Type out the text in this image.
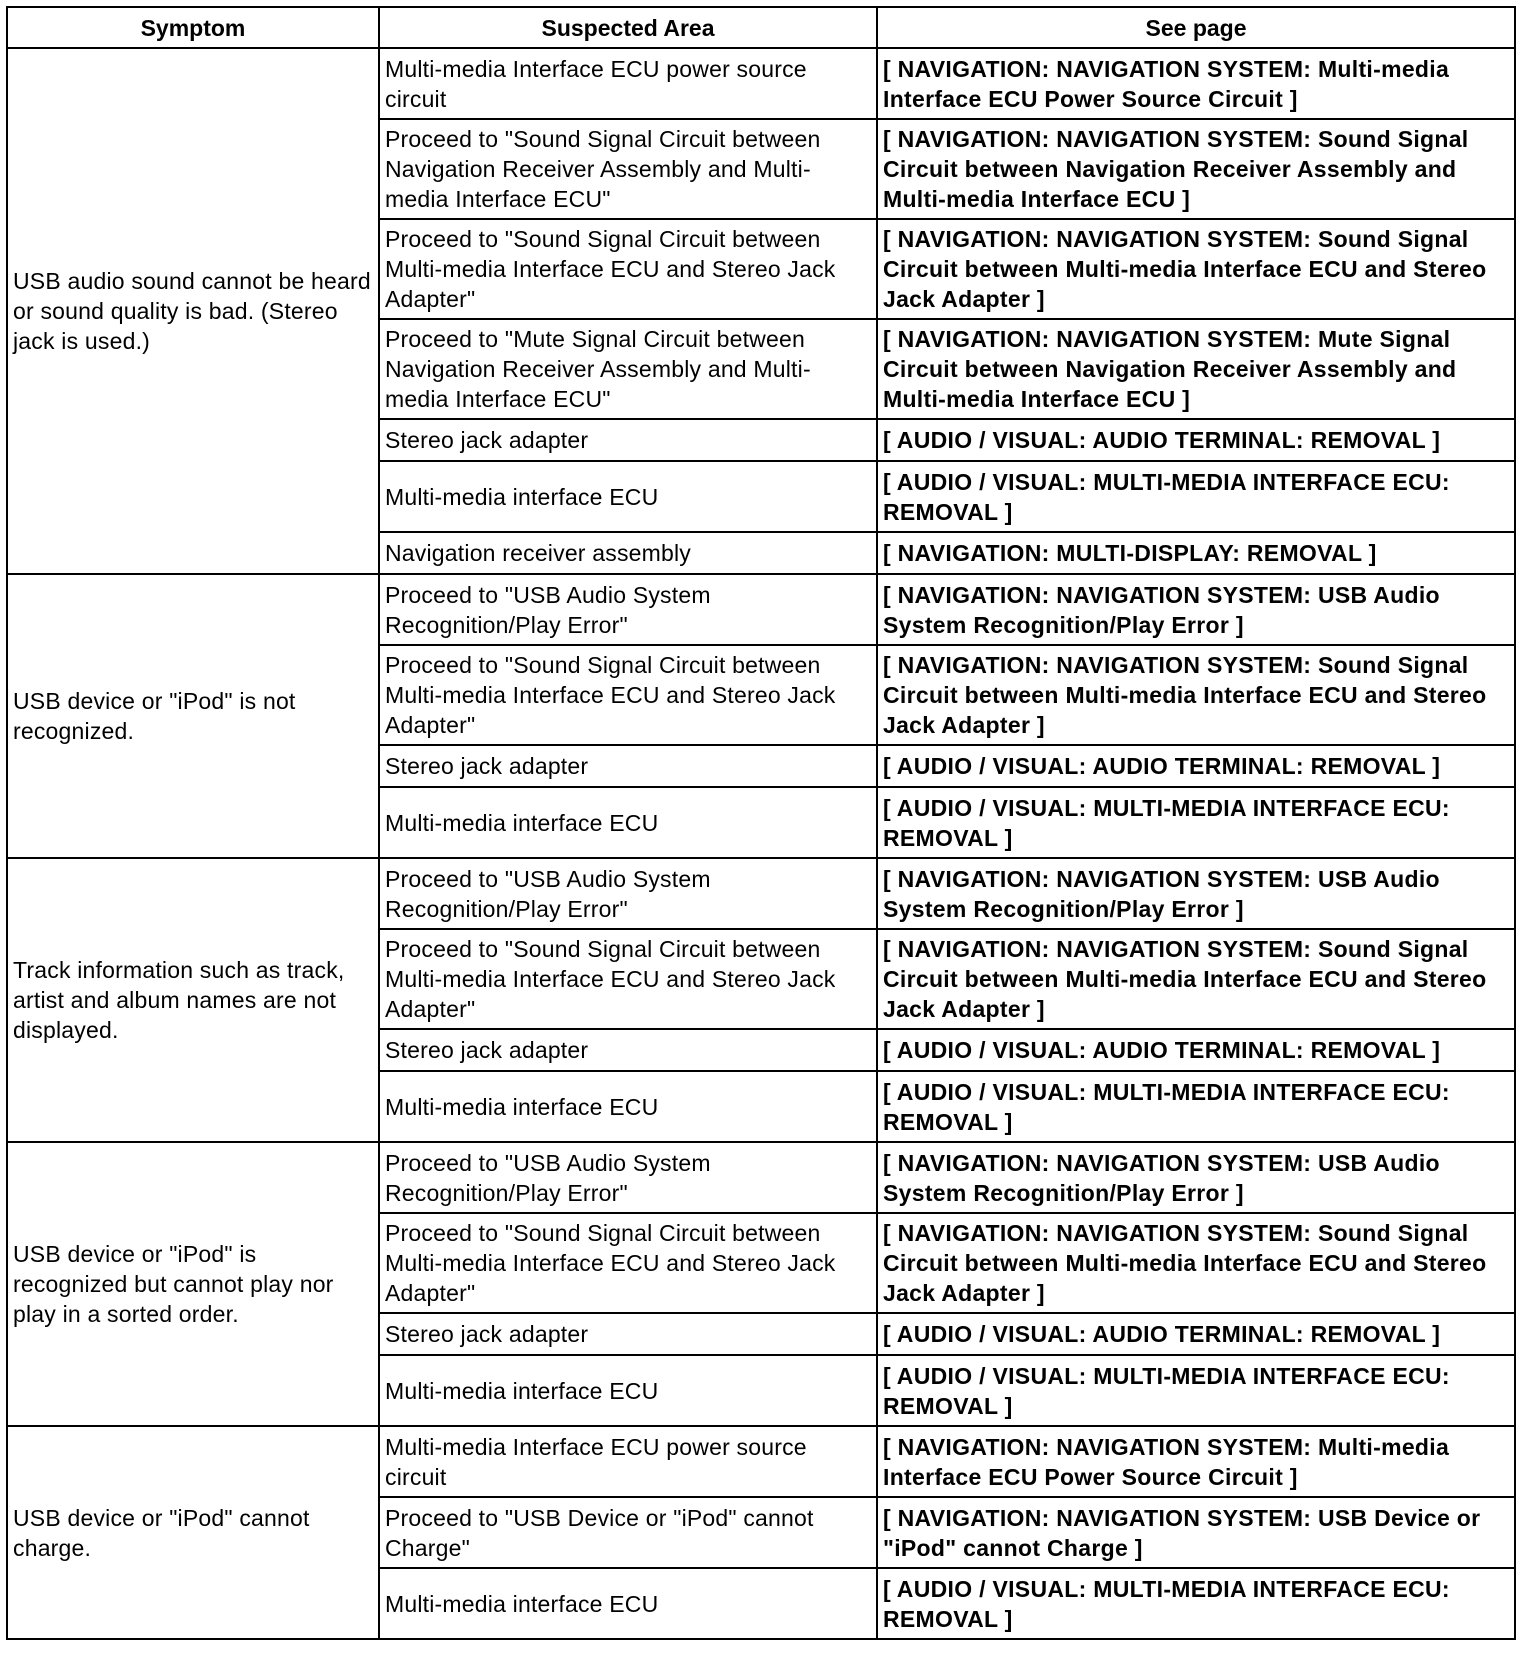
Symptom	Suspected Area	See page
USB audio sound cannot be heard or sound quality is bad. (Stereo jack is used.)	Multi-media Interface ECU power source circuit	[ NAVIGATION: NAVIGATION SYSTEM: Multi-media Interface ECU Power Source Circuit ]
	Proceed to "Sound Signal Circuit between Navigation Receiver Assembly and Multi-media Interface ECU"	[ NAVIGATION: NAVIGATION SYSTEM: Sound Signal Circuit between Navigation Receiver Assembly and Multi-media Interface ECU ]
	Proceed to "Sound Signal Circuit between Multi-media Interface ECU and Stereo Jack Adapter"	[ NAVIGATION: NAVIGATION SYSTEM: Sound Signal Circuit between Multi-media Interface ECU and Stereo Jack Adapter ]
	Proceed to "Mute Signal Circuit between Navigation Receiver Assembly and Multi-media Interface ECU"	[ NAVIGATION: NAVIGATION SYSTEM: Mute Signal Circuit between Navigation Receiver Assembly and Multi-media Interface ECU ]
	Stereo jack adapter	[ AUDIO / VISUAL: AUDIO TERMINAL: REMOVAL ]
	Multi-media interface ECU	[ AUDIO / VISUAL: MULTI-MEDIA INTERFACE ECU: REMOVAL ]
	Navigation receiver assembly	[ NAVIGATION: MULTI-DISPLAY: REMOVAL ]
USB device or "iPod" is not recognized.	Proceed to "USB Audio System Recognition/Play Error"	[ NAVIGATION: NAVIGATION SYSTEM: USB Audio System Recognition/Play Error ]
	Proceed to "Sound Signal Circuit between Multi-media Interface ECU and Stereo Jack Adapter"	[ NAVIGATION: NAVIGATION SYSTEM: Sound Signal Circuit between Multi-media Interface ECU and Stereo Jack Adapter ]
	Stereo jack adapter	[ AUDIO / VISUAL: AUDIO TERMINAL: REMOVAL ]
	Multi-media interface ECU	[ AUDIO / VISUAL: MULTI-MEDIA INTERFACE ECU: REMOVAL ]
Track information such as track, artist and album names are not displayed.	Proceed to "USB Audio System Recognition/Play Error"	[ NAVIGATION: NAVIGATION SYSTEM: USB Audio System Recognition/Play Error ]
	Proceed to "Sound Signal Circuit between Multi-media Interface ECU and Stereo Jack Adapter"	[ NAVIGATION: NAVIGATION SYSTEM: Sound Signal Circuit between Multi-media Interface ECU and Stereo Jack Adapter ]
	Stereo jack adapter	[ AUDIO / VISUAL: AUDIO TERMINAL: REMOVAL ]
	Multi-media interface ECU	[ AUDIO / VISUAL: MULTI-MEDIA INTERFACE ECU: REMOVAL ]
USB device or "iPod" is recognized but cannot play nor play in a sorted order.	Proceed to "USB Audio System Recognition/Play Error"	[ NAVIGATION: NAVIGATION SYSTEM: USB Audio System Recognition/Play Error ]
	Proceed to "Sound Signal Circuit between Multi-media Interface ECU and Stereo Jack Adapter"	[ NAVIGATION: NAVIGATION SYSTEM: Sound Signal Circuit between Multi-media Interface ECU and Stereo Jack Adapter ]
	Stereo jack adapter	[ AUDIO / VISUAL: AUDIO TERMINAL: REMOVAL ]
	Multi-media interface ECU	[ AUDIO / VISUAL: MULTI-MEDIA INTERFACE ECU: REMOVAL ]
USB device or "iPod" cannot charge.	Multi-media Interface ECU power source circuit	[ NAVIGATION: NAVIGATION SYSTEM: Multi-media Interface ECU Power Source Circuit ]
	Proceed to "USB Device or "iPod" cannot Charge"	[ NAVIGATION: NAVIGATION SYSTEM: USB Device or "iPod" cannot Charge ]
	Multi-media interface ECU	[ AUDIO / VISUAL: MULTI-MEDIA INTERFACE ECU: REMOVAL ]
